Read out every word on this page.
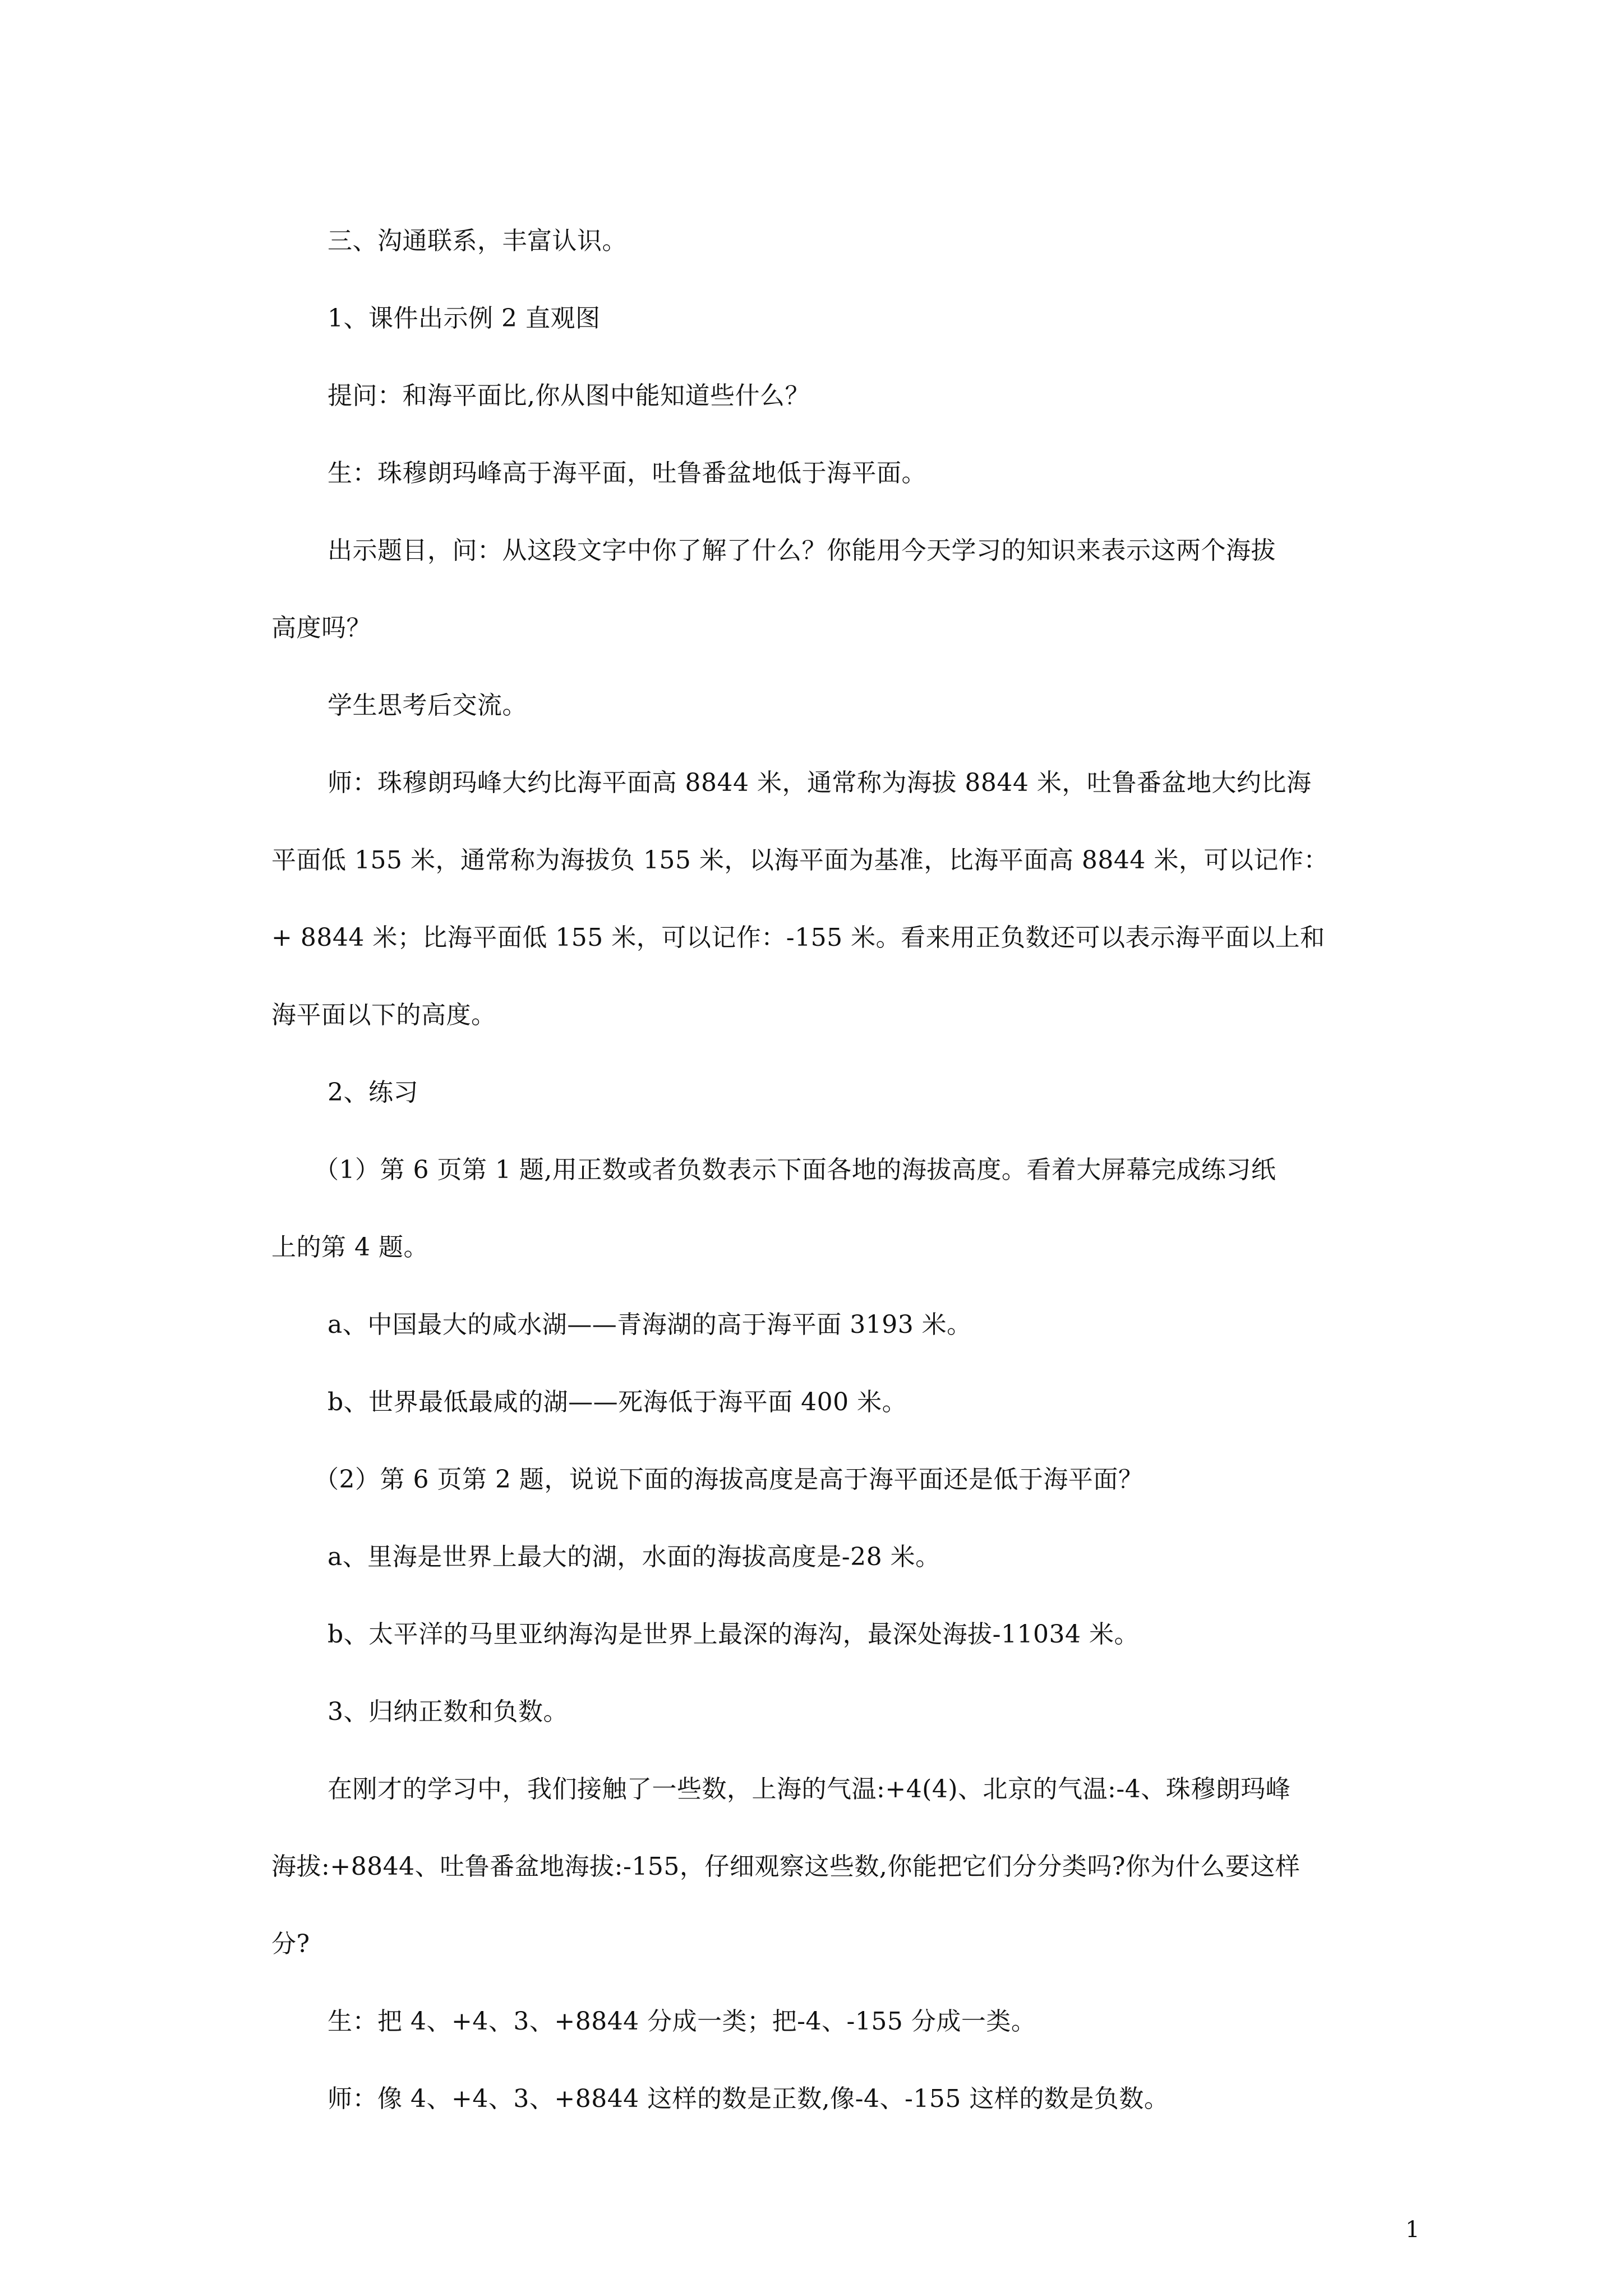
三、沟通联系，丰富认识。

1、课件出示例 2 直观图

提问：和海平面比,你从图中能知道些什么？

生：珠穆朗玛峰高于海平面，吐鲁番盆地低于海平面。

出示题目，问：从这段文字中你了解了什么？你能用今天学习的知识来表示这两个海拔

高度吗？

学生思考后交流。

师：珠穆朗玛峰大约比海平面高 8844 米，通常称为海拔 8844 米，吐鲁番盆地大约比海

平面低 155 米，通常称为海拔负 155 米，以海平面为基准，比海平面高 8844 米，可以记作：

+ 8844 米；比海平面低 155 米，可以记作：-155 米。看来用正负数还可以表示海平面以上和

海平面以下的高度。

2、练习

（1）第 6 页第 1 题,用正数或者负数表示下面各地的海拔高度。看着大屏幕完成练习纸

上的第 4 题。

a、中国最大的咸水湖——青海湖的高于海平面 3193 米。

b、世界最低最咸的湖——死海低于海平面 400 米。

（2）第 6 页第 2 题，说说下面的海拔高度是高于海平面还是低于海平面？

a、里海是世界上最大的湖，水面的海拔高度是-28 米。

b、太平洋的马里亚纳海沟是世界上最深的海沟，最深处海拔-11034 米。

3、归纳正数和负数。

在刚才的学习中，我们接触了一些数，上海的气温:+4(4)、北京的气温:-4、珠穆朗玛峰

海拔:+8844、吐鲁番盆地海拔:-155，仔细观察这些数,你能把它们分分类吗?你为什么要这样

分?

生：把 4、+4、3、+8844 分成一类；把-4、-155 分成一类。

师：像 4、+4、3、+8844 这样的数是正数,像-4、-155 这样的数是负数。

1
